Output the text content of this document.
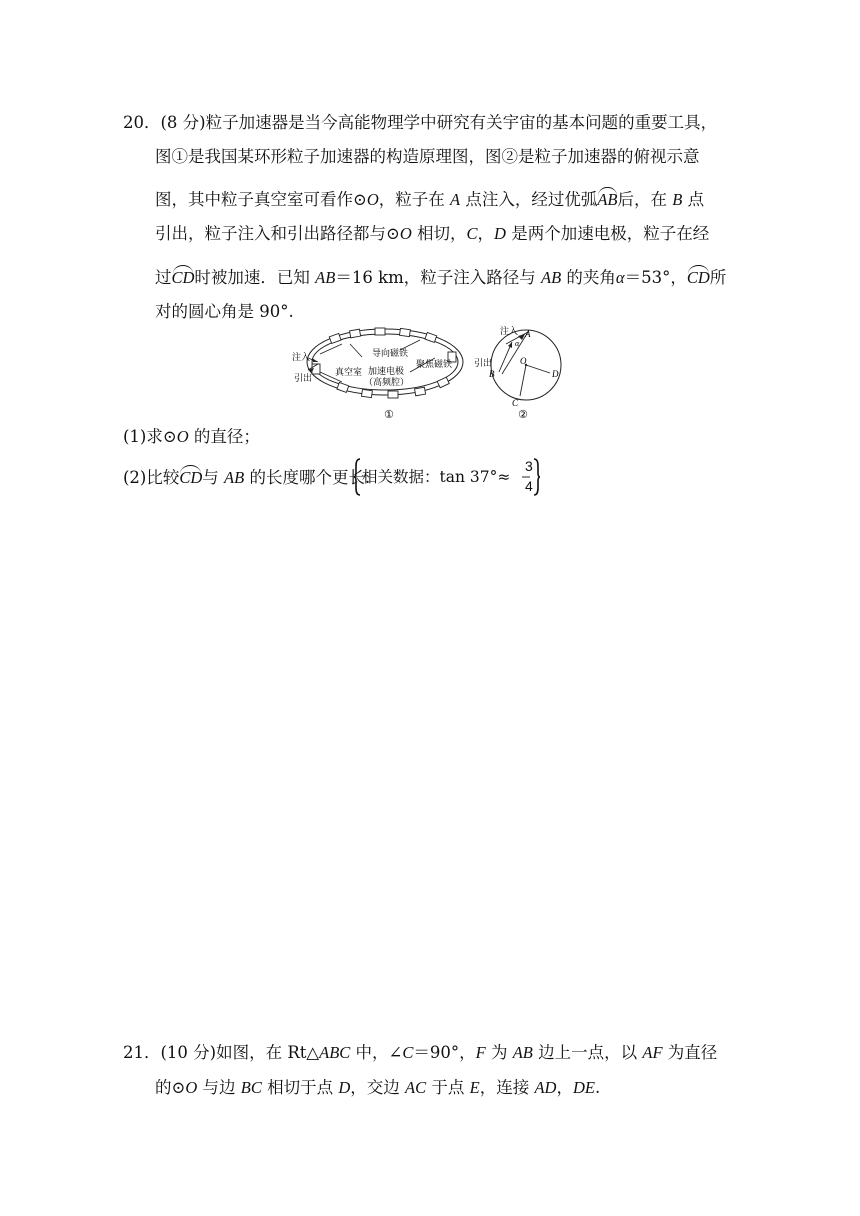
20．(8 分)粒子加速器是当今高能物理学中研究有关宇宙的基本问题的重要工具，
图①是我国某环形粒子加速器的构造原理图，图②是粒子加速器的俯视示意
图，其中粒子真空室可看作⊙O，粒子在 A 点注入，经过优弧AB后，在 B 点
引出，粒子注入和引出路径都与⊙O 相切，C，D 是两个加速电极，粒子在经
过CD时被加速．已知 AB＝16 km，粒子注入路径与 AB 的夹角α＝53°，CD所
对的圆心角是 90°.
注入
引出
真空室
导向磁铁
聚焦磁铁
加速电极
（高频腔）
①
注入 A
α
引出
B
O
D
C
②
(1)求⊙O 的直径；
(2)比较CD与 AB 的长度哪个更长.
相关数据：tan 37°≈
3
4
21．(10 分)如图，在 Rt△ABC 中，∠C＝90°，F 为 AB 边上一点，以 AF 为直径
的⊙O 与边 BC 相切于点 D，交边 AC 于点 E，连接 AD，DE.
